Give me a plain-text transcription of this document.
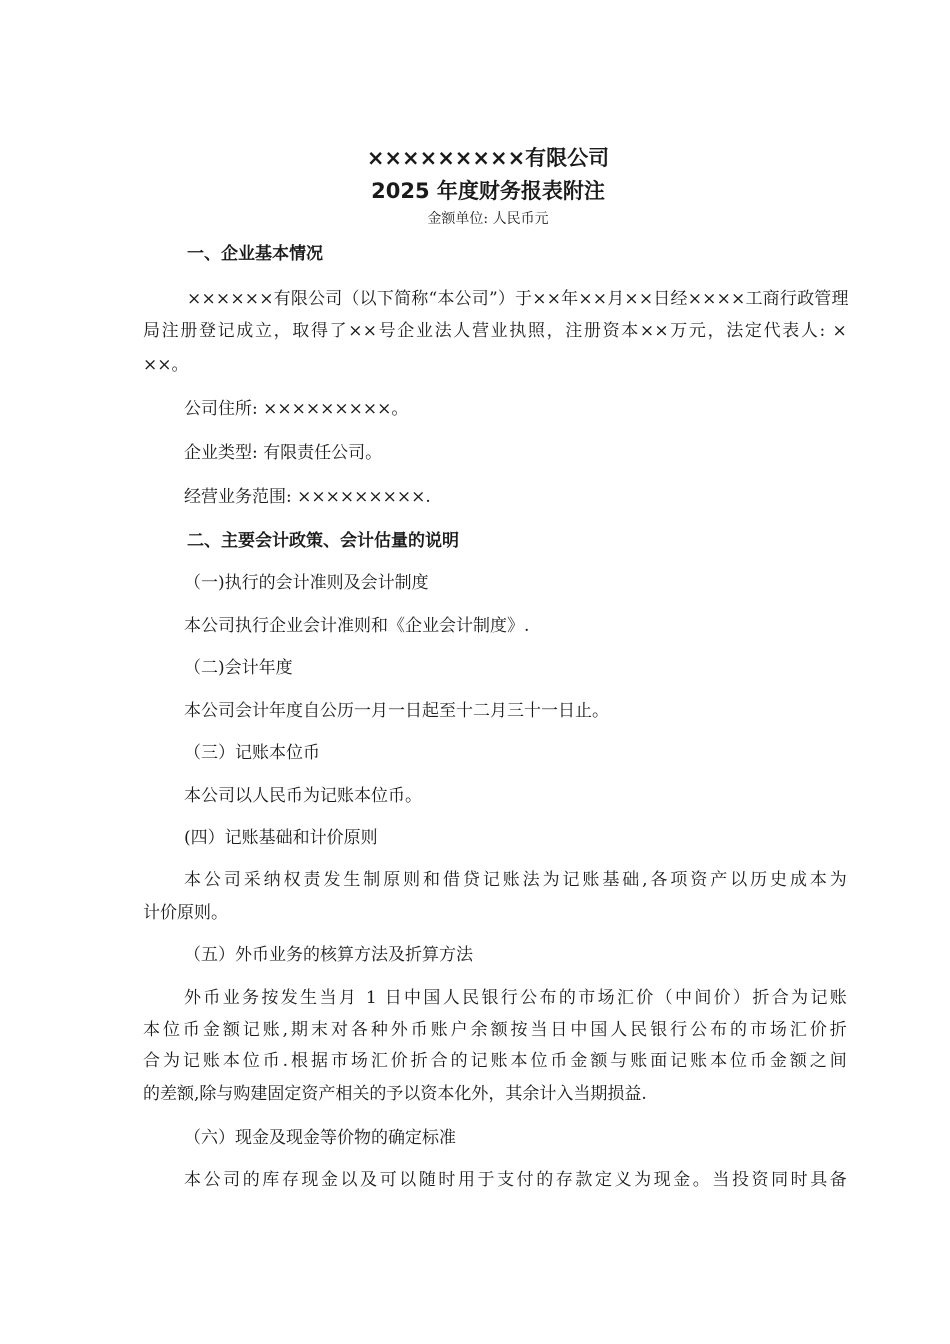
×××××××××有限公司
2025 年度财务报表附注
金额单位: 人民币元
一、企业基本情况
××××××有限公司（以下简称“本公司”）于××年××月××日经××××工商行政管理
局注册登记成立，取得了××号企业法人营业执照，注册资本××万元，法定代表人: ×
××。
公司住所: ×××××××××。
企业类型: 有限责任公司。
经营业务范围: ×××××××××.
二、主要会计政策、会计估量的说明
（一)执行的会计准则及会计制度
本公司执行企业会计准则和《企业会计制度》.
（二)会计年度
本公司会计年度自公历一月一日起至十二月三十一日止。
（三）记账本位币
本公司以人民币为记账本位币。
(四）记账基础和计价原则
本公司采纳权责发生制原则和借贷记账法为记账基础,各项资产以历史成本为
计价原则。
（五）外币业务的核算方法及折算方法
外币业务按发生当月 1 日中国人民银行公布的市场汇价（中间价）折合为记账
本位币金额记账,期末对各种外币账户余额按当日中国人民银行公布的市场汇价折
合为记账本位币.根据市场汇价折合的记账本位币金额与账面记账本位币金额之间
的差额,除与购建固定资产相关的予以资本化外，其余计入当期损益.
（六）现金及现金等价物的确定标准
本公司的库存现金以及可以随时用于支付的存款定义为现金。当投资同时具备
